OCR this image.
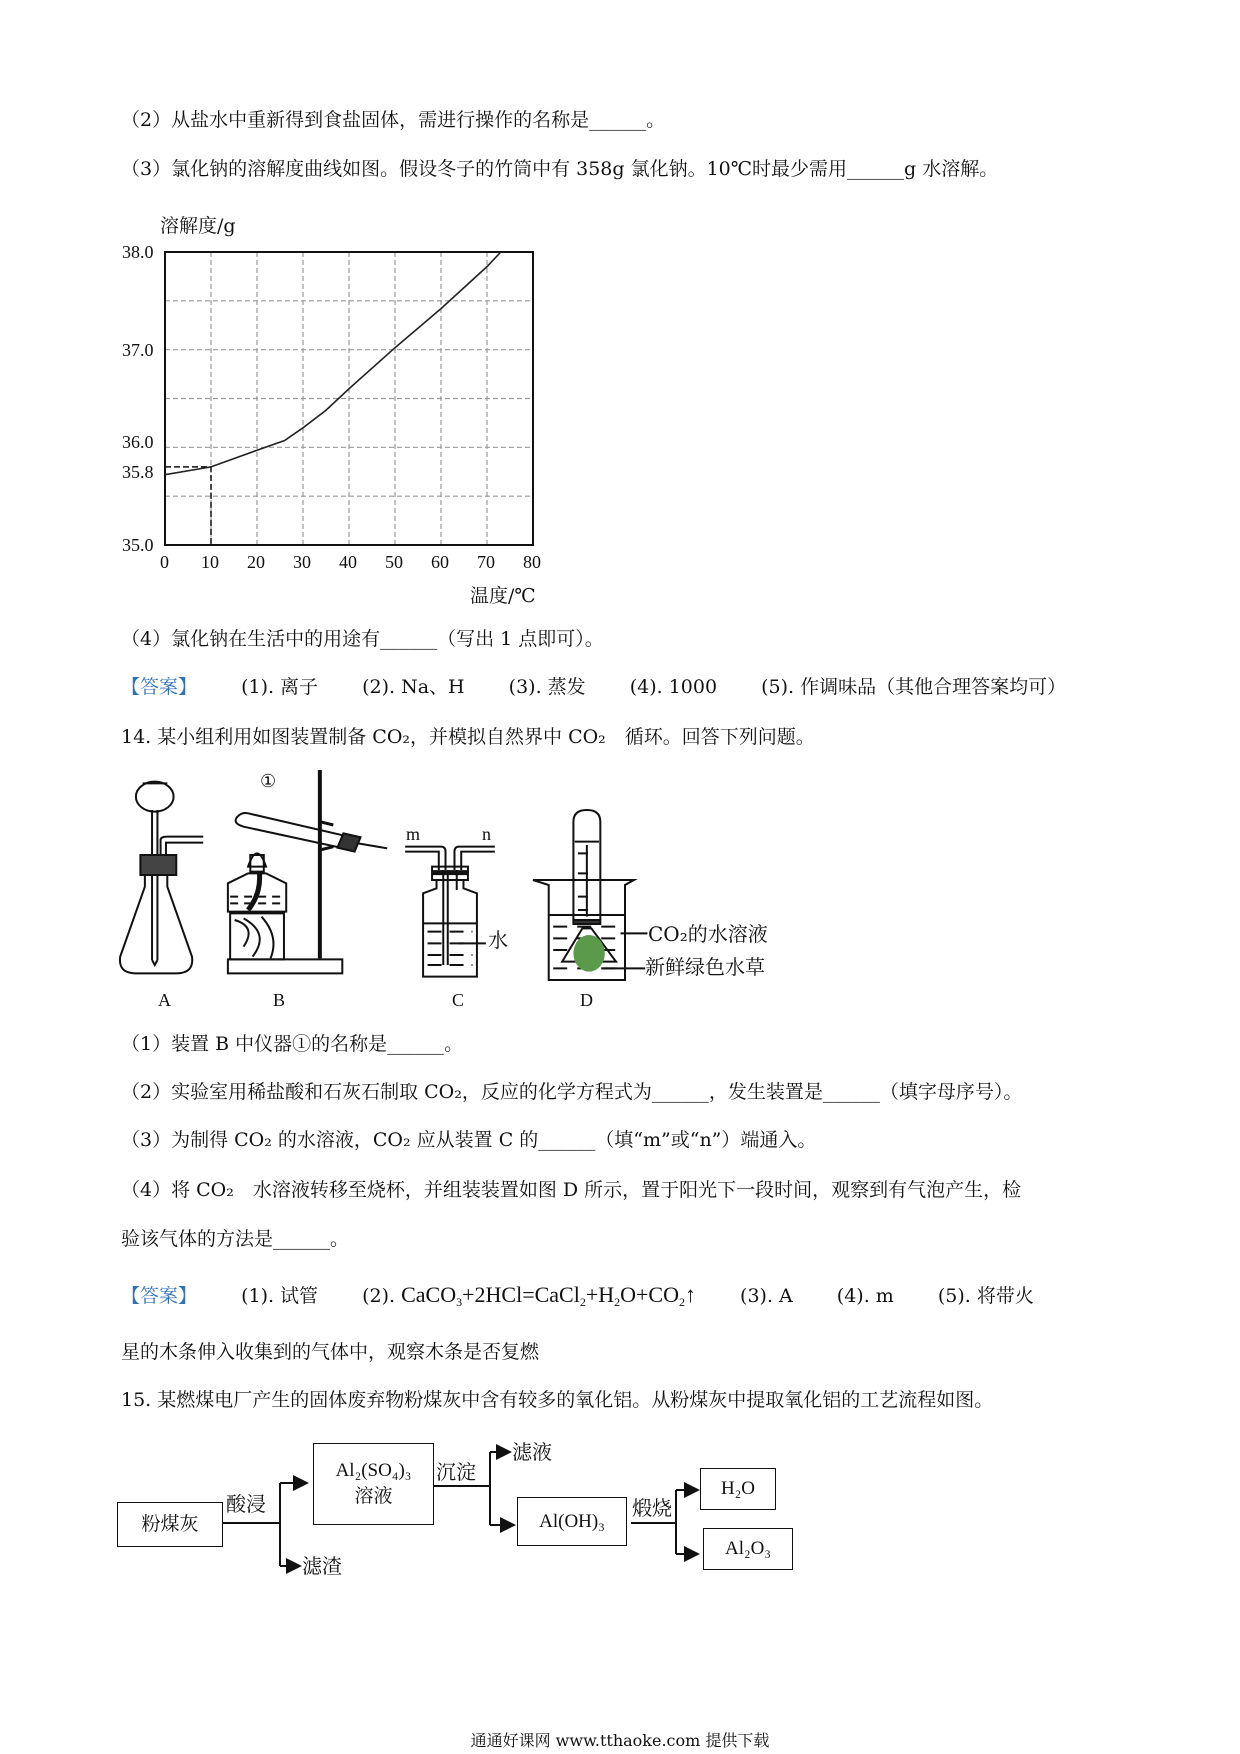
（2）从盐水中重新得到食盐固体，需进行操作的名称是______。
（3）氯化钠的溶解度曲线如图。假设冬子的竹筒中有 358g 氯化钠。10℃时最少需用______g 水溶解。
溶解度/g
温度/℃
0 10 20 30 40 50 60 70 80
38.0
37.0
36.0
35.8
35.0
（4）氯化钠在生活中的用途有______（写出 1 点即可）。
【答案】 (1). 离子 (2). Na、H (3). 蒸发 (4). 1000 (5). 作调味品（其他合理答案均可）
14. 某小组利用如图装置制备 CO₂，并模拟自然界中 CO₂　循环。回答下列问题。
①
m	n
水	CO₂的水溶液
新鲜绿色水草
A	B	C	D
（1）装置 B 中仪器①的名称是______。
（2）实验室用稀盐酸和石灰石制取 CO₂，反应的化学方程式为______，发生装置是______（填字母序号）。
（3）为制得 CO₂ 的水溶液，CO₂ 应从装置 C 的______（填“m”或“n”）端通入。
（4）将 CO₂　水溶液转移至烧杯，并组装装置如图 D 所示，置于阳光下一段时间，观察到有气泡产生，检
验该气体的方法是______。
【答案】 (1). 试管 (2). $CaCO_3+2HCl=CaCl_2+H_2O+CO_2↑$ (3). A (4). m (5). 将带火
星的木条伸入收集到的气体中，观察木条是否复燃
15. 某燃煤电厂产生的固体废弃物粉煤灰中含有较多的氧化铝。从粉煤灰中提取氧化铝的工艺流程如图。
粉煤灰
酸浸
滤渣
Al₂(SO₄)₃
溶液
沉淀
滤液
Al(OH)₃
煅烧
H₂O
Al₂O₃
通通好课网 www.tthaoke.com 提供下载
